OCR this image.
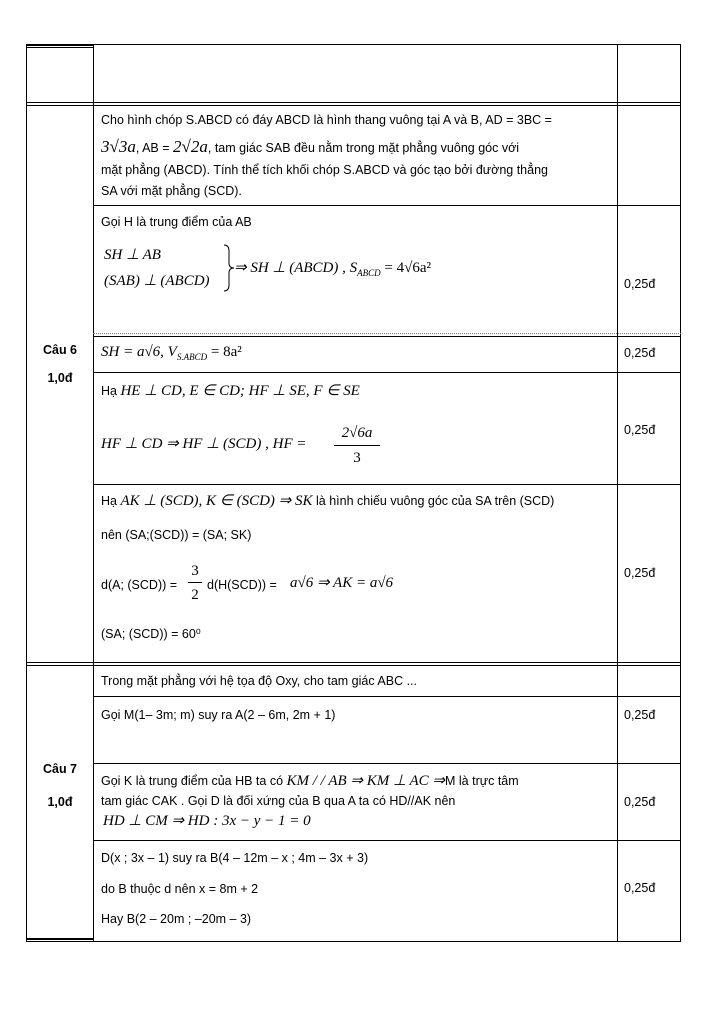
Câu 6
1,0đ
Cho hình chóp S.ABCD có đáy ABCD là hình thang vuông tại A và B, AD = 3BC =
3√3a, AB = 2√2a, tam giác SAB đều nằm trong mặt phẳng vuông góc với
mặt phẳng (ABCD). Tính thể tích khối chóp S.ABCD và góc tạo bởi đường thẳng
SA với mặt phẳng (SCD).
Gọi H là trung điểm của AB
SH ⊥ AB
(SAB) ⊥ (ABCD)
⇒ SH ⊥ (ABCD) , $S_{ABCD} = 4√6a^2$
0,25đ
SH = a√6, $V_{S.ABCD} = 8a^2$	0,25đ
Hạ HE ⊥ CD, E ∈ CD; HF ⊥ SE, F ∈ SE
HF ⊥ CD ⇒ HF ⊥ (SCD) , HF =
2√6a
3
0,25đ
Hạ AK ⊥ (SCD), K ∈ (SCD) ⇒ SK là hình chiếu vuông góc của SA trên (SCD)
nên (SA;(SCD)) = (SA; SK)
d(A; (SCD)) =
3
2
d(H(SCD)) = a√6 ⇒ AK = a√6
(SA; (SCD)) = 60⁰
0,25đ
Câu 7
1,0đ
Trong mặt phẳng với hệ tọa độ Oxy, cho tam giác ABC ...
Gọi M(1– 3m; m) suy ra A(2 – 6m, 2m + 1)	0,25đ
Gọi K là trung điểm của HB ta có KM / / AB ⇒ KM ⊥ AC ⇒M là trực tâm
tam giác CAK . Gọi D là đối xứng của B qua A ta có HD//AK nên
HD ⊥ CM ⇒ HD : 3x − y − 1 = 0
0,25đ
D(x ; 3x – 1) suy ra B(4 – 12m – x ; 4m – 3x + 3)
do B thuộc d nên x = 8m + 2
Hay B(2 – 20m ; –20m – 3)
0,25đ
